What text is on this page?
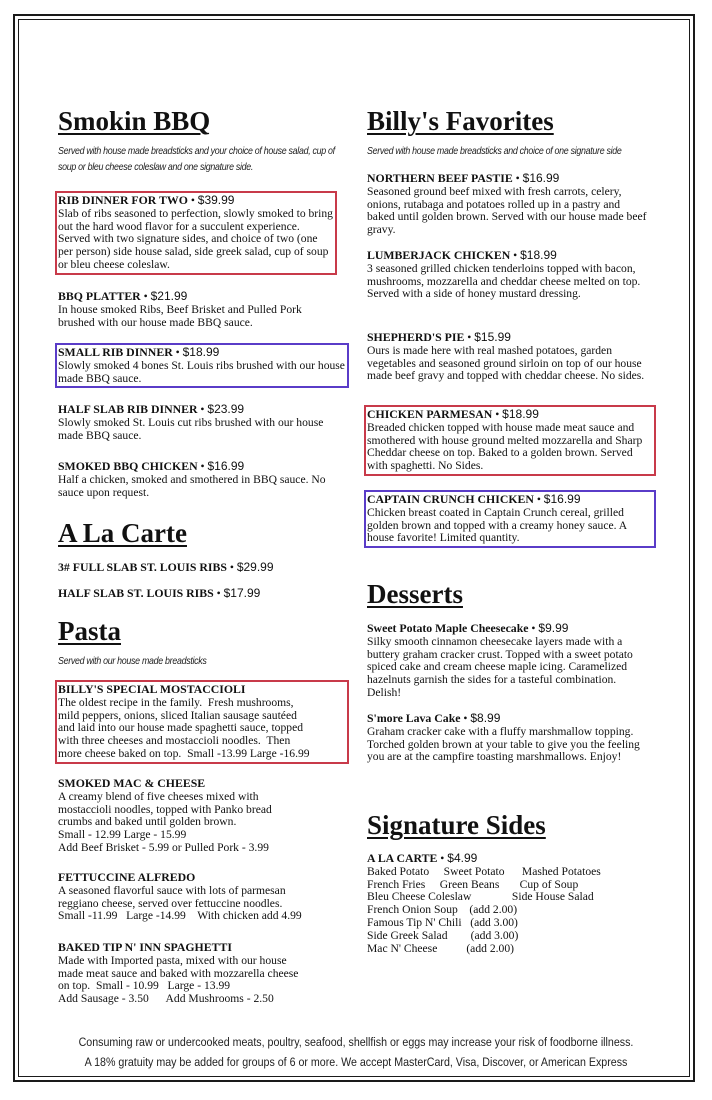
Smokin BBQ
Served with house made breadsticks and your choice of house salad, cup of soup or bleu cheese coleslaw and one signature side.
RIB DINNER FOR TWO • $39.99
Slab of ribs seasoned to perfection, slowly smoked to bring out the hard wood flavor for a succulent experience. Served with two signature sides, and choice of two (one per person) side house salad, side greek salad, cup of soup or bleu cheese coleslaw.
BBQ PLATTER • $21.99
In house smoked Ribs, Beef Brisket and Pulled Pork brushed with our house made BBQ sauce.
SMALL RIB DINNER • $18.99
Slowly smoked 4 bones St. Louis ribs brushed with our house made BBQ sauce.
HALF SLAB RIB DINNER • $23.99
Slowly smoked St. Louis cut ribs brushed with our house made BBQ sauce.
SMOKED BBQ CHICKEN • $16.99
Half a chicken, smoked and smothered in BBQ sauce. No sauce upon request.
A La Carte
3# FULL SLAB ST. LOUIS RIBS • $29.99
HALF SLAB ST. LOUIS RIBS • $17.99
Pasta
Served with our house made breadsticks
BILLY'S SPECIAL MOSTACCIOLI
The oldest recipe in the family.  Fresh mushrooms,
mild peppers, onions, sliced Italian sausage sautéed
and laid into our house made spaghetti sauce, topped
with three cheeses and mostaccioli noodles.  Then
more cheese baked on top.  Small -13.99 Large -16.99
SMOKED MAC & CHEESE
A creamy blend of five cheeses mixed with
mostaccioli noodles, topped with Panko bread
crumbs and baked until golden brown.
Small - 12.99 Large - 15.99
Add Beef Brisket - 5.99 or Pulled Pork - 3.99
FETTUCCINE ALFREDO
A seasoned flavorful sauce with lots of parmesan
reggiano cheese, served over fettuccine noodles.
Small -11.99   Large -14.99    With chicken add 4.99
BAKED TIP N' INN SPAGHETTI
Made with Imported pasta, mixed with our house
made meat sauce and baked with mozzarella cheese
on top.  Small - 10.99   Large - 13.99
Add Sausage - 3.50      Add Mushrooms - 2.50
Billy's Favorites
Served with house made breadsticks and choice of one signature side
NORTHERN BEEF PASTIE • $16.99
Seasoned ground beef mixed with fresh carrots, celery, onions, rutabaga and potatoes rolled up in a pastry and baked until golden brown. Served with our house made beef gravy.
LUMBERJACK CHICKEN • $18.99
3 seasoned grilled chicken tenderloins topped with bacon, mushrooms, mozzarella and cheddar cheese melted on top. Served with a side of honey mustard dressing.
SHEPHERD'S PIE • $15.99
Ours is made here with real mashed potatoes, garden vegetables and seasoned ground sirloin on top of our house made beef gravy and topped with cheddar cheese. No sides.
CHICKEN PARMESAN • $18.99
Breaded chicken topped with house made meat sauce and smothered with house ground melted mozzarella and Sharp Cheddar cheese on top. Baked to a golden brown. Served with spaghetti. No Sides.
CAPTAIN CRUNCH CHICKEN • $16.99
Chicken breast coated in Captain Crunch cereal, grilled golden brown and topped with a creamy honey sauce. A house favorite! Limited quantity.
Desserts
Sweet Potato Maple Cheesecake • $9.99
Silky smooth cinnamon cheesecake layers made with a buttery graham cracker crust. Topped with a sweet potato spiced cake and cream cheese maple icing. Caramelized hazelnuts garnish the sides for a tasteful combination. Delish!
S'more Lava Cake • $8.99
Graham cracker cake with a fluffy marshmallow topping. Torched golden brown at your table to give you the feeling you are at the campfire toasting marshmallows. Enjoy!
Signature Sides
A LA CARTE • $4.99
Baked Potato     Sweet Potato      Mashed Potatoes
French Fries     Green Beans       Cup of Soup
Bleu Cheese Coleslaw              Side House Salad
French Onion Soup    (add 2.00)
Famous Tip N' Chili   (add 3.00)
Side Greek Salad        (add 3.00)
Mac N' Cheese          (add 2.00)
Consuming raw or undercooked meats, poultry, seafood, shellfish or eggs may increase your risk of foodborne illness.
A 18% gratuity may be added for groups of 6 or more. We accept MasterCard, Visa, Discover, or American Express
